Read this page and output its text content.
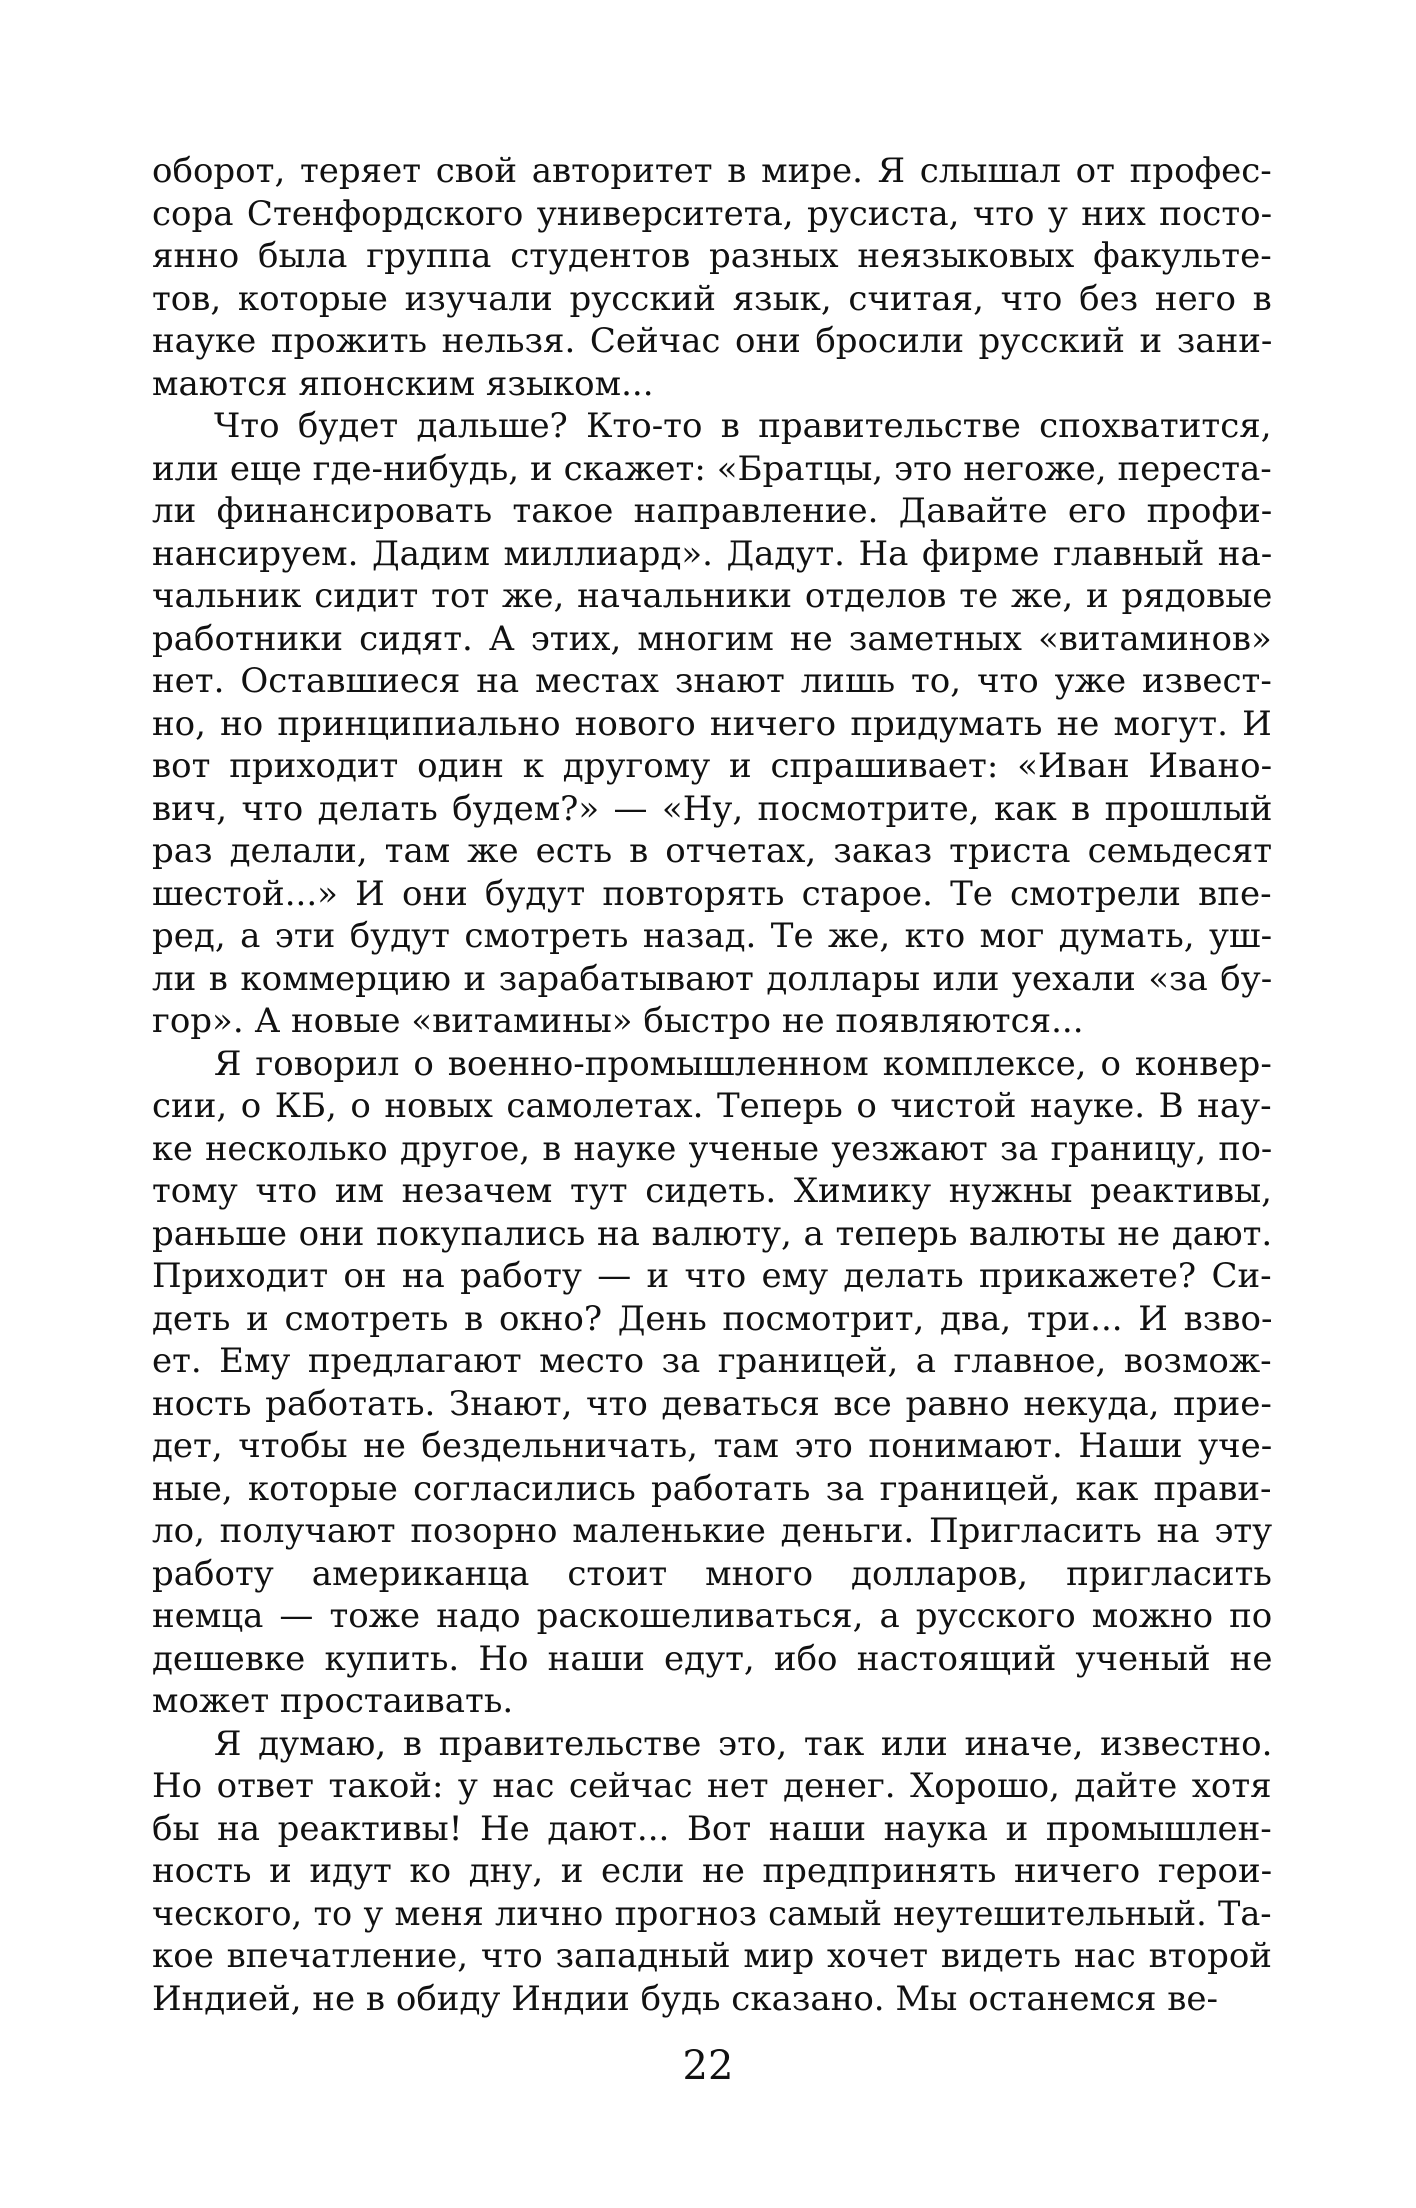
оборот, теряет свой авторитет в мире. Я слышал от профес-
сора Стенфордского университета, русиста, что у них посто-
янно была группа студентов разных неязыковых факульте-
тов, которые изучали русский язык, считая, что без него в
науке прожить нельзя. Сейчас они бросили русский и зани-
маются японским языком...
Что будет дальше? Кто-то в правительстве спохватится,
или еще где-нибудь, и скажет: «Братцы, это негоже, переста-
ли финансировать такое направление. Давайте его профи-
нансируем. Дадим миллиард». Дадут. На фирме главный на-
чальник сидит тот же, начальники отделов те же, и рядовые
работники сидят. А этих, многим не заметных «витаминов»
нет. Оставшиеся на местах знают лишь то, что уже извест-
но, но принципиально нового ничего придумать не могут. И
вот приходит один к другому и спрашивает: «Иван Ивано-
вич, что делать будем?» — «Ну, посмотрите, как в прошлый
раз делали, там же есть в отчетах, заказ триста семьдесят
шестой...» И они будут повторять старое. Те смотрели впе-
ред, а эти будут смотреть назад. Те же, кто мог думать, уш-
ли в коммерцию и зарабатывают доллары или уехали «за бу-
гор». А новые «витамины» быстро не появляются...
Я говорил о военно-промышленном комплексе, о конвер-
сии, о КБ, о новых самолетах. Теперь о чистой науке. В нау-
ке несколько другое, в науке ученые уезжают за границу, по-
тому что им незачем тут сидеть. Химику нужны реактивы,
раньше они покупались на валюту, а теперь валюты не дают.
Приходит он на работу — и что ему делать прикажете? Си-
деть и смотреть в окно? День посмотрит, два, три... И взво-
ет. Ему предлагают место за границей, а главное, возмож-
ность работать. Знают, что деваться все равно некуда, прие-
дет, чтобы не бездельничать, там это понимают. Наши уче-
ные, которые согласились работать за границей, как прави-
ло, получают позорно маленькие деньги. Пригласить на эту
работу американца стоит много долларов, пригласить
немца — тоже надо раскошеливаться, а русского можно по
дешевке купить. Но наши едут, ибо настоящий ученый не
может простаивать.
Я думаю, в правительстве это, так или иначе, известно.
Но ответ такой: у нас сейчас нет денег. Хорошо, дайте хотя
бы на реактивы! Не дают... Вот наши наука и промышлен-
ность и идут ко дну, и если не предпринять ничего герои-
ческого, то у меня лично прогноз самый неутешительный. Та-
кое впечатление, что западный мир хочет видеть нас второй
Индией, не в обиду Индии будь сказано. Мы останемся ве-
22
